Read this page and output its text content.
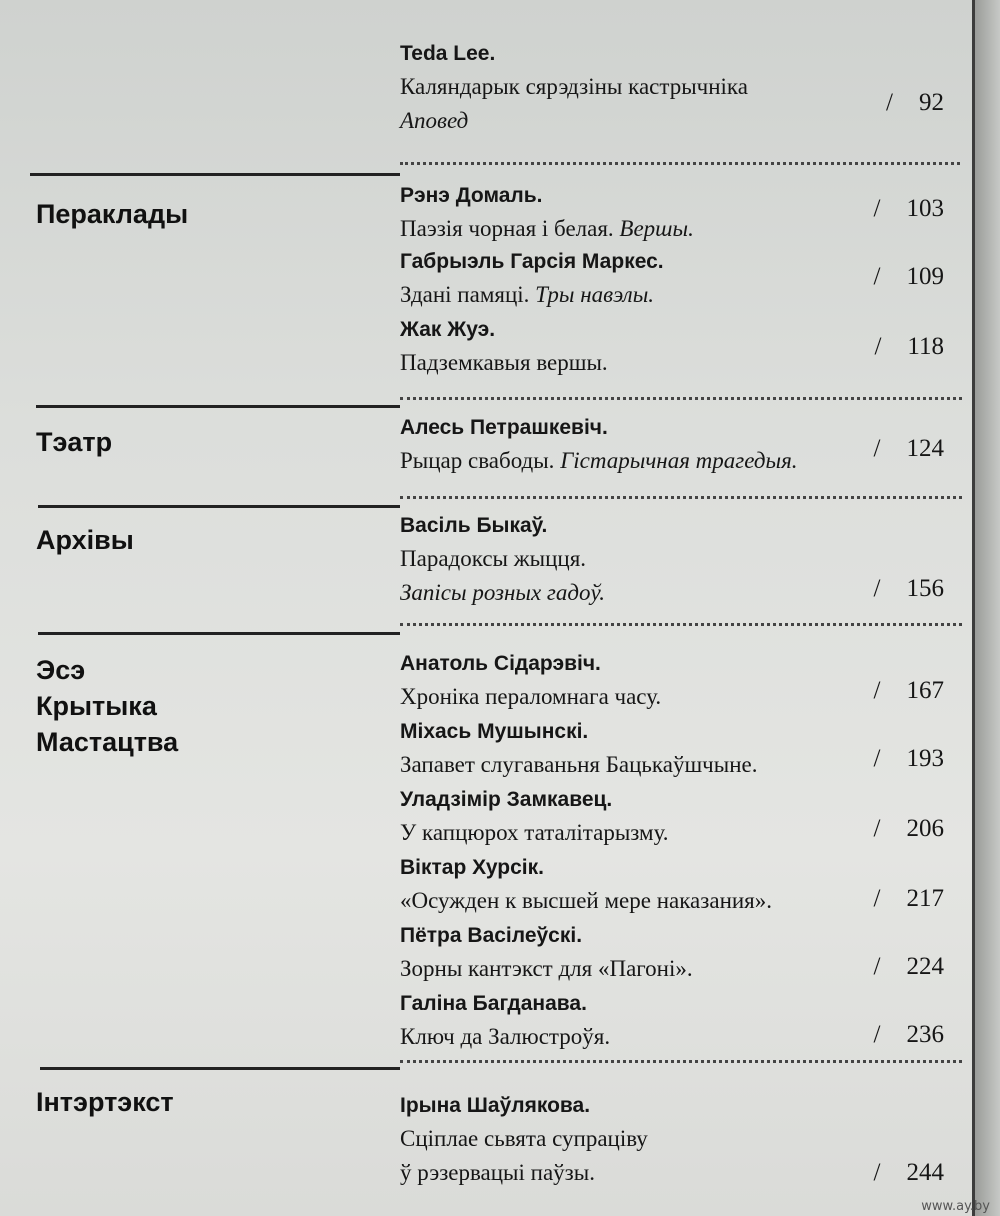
Teda Lee.
Каляндарык сярэдзіны кастрычніка
Аповед
/ 92
Пераклады
Рэнэ Домаль.
Паэзія чорная і белая. Вершы.
/ 103
Габрыэль Гарсія Маркес.
Здані памяці. Тры навэлы.
/ 109
Жак Жуэ.
Падземкавыя вершы.
/ 118
Тэатр	Алесь Петрашкевіч.
Рыцар свабоды. Гістарычная трагедыя.	/ 124
Архівы	Васіль Быкаў.
Парадоксы жыцця.
Запісы розных гадоў.	/ 156
Эсэ
Крытыка
Мастацтва
Анатоль Сідарэвіч.
Хроніка пераломнага часу.	/ 167
Міхась Мушынскі.
Запавет слугаваньня Бацькаўшчыне.	/ 193
Уладзімір Замкавец.
У капцюрох таталітарызму.	/ 206
Віктар Хурсік.
«Осужден к высшей мере наказания».	/ 217
Пётра Васілеўскі.
Зорны кантэкст для «Пагоні».	/ 224
Галіна Багданава.
Ключ да Залюстроўя.	/ 236
Інтэртэкст	Ірына Шаўлякова.
Сціплае сьвята супраціву
ў рэзервацыі паўзы.	/ 244
www.ay.by
